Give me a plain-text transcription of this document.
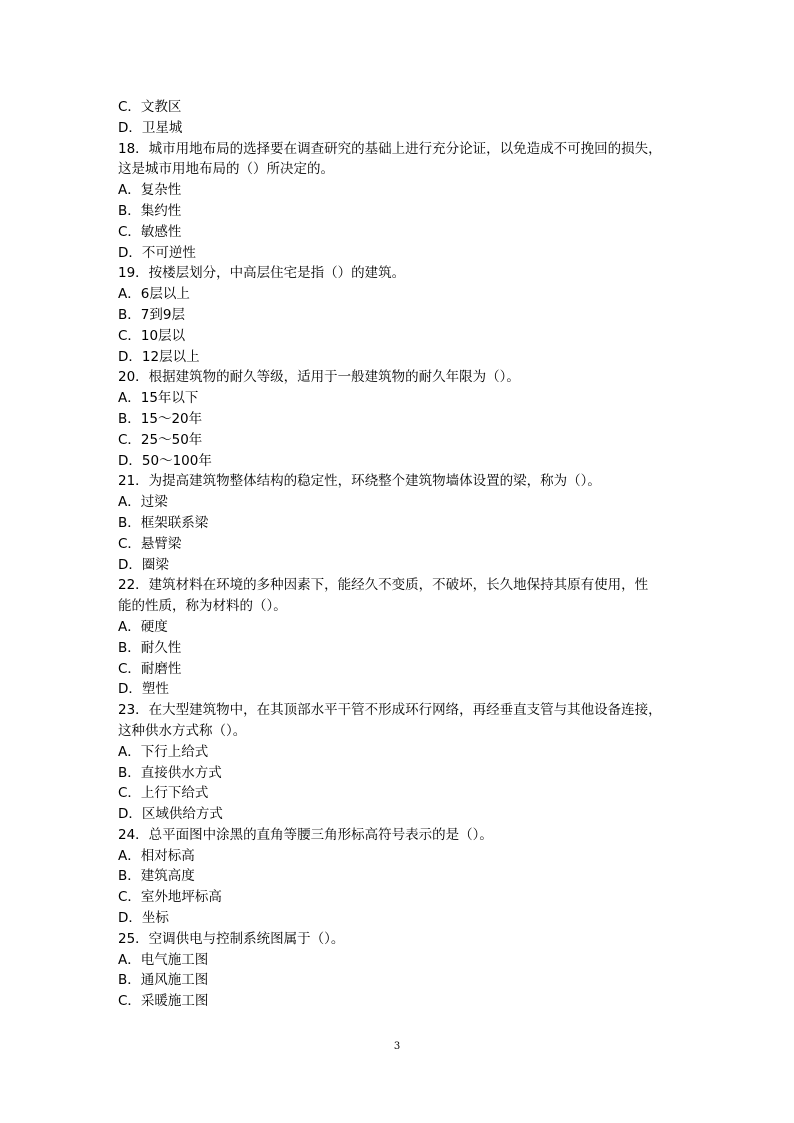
C．文教区
D．卫星城
18．城市用地布局的选择要在调查研究的基础上进行充分论证，以免造成不可挽回的损失，
这是城市用地布局的（）所决定的。
A．复杂性
B．集约性
C．敏感性
D．不可逆性
19．按楼层划分，中高层住宅是指（）的建筑。
A．6层以上
B．7到9层
C．10层以
D．12层以上
20．根据建筑物的耐久等级，适用于一般建筑物的耐久年限为（）。
A．15年以下
B．15～20年
C．25～50年
D．50～100年
21．为提高建筑物整体结构的稳定性，环绕整个建筑物墙体设置的梁，称为（）。
A．过梁
B．框架联系梁
C．悬臂梁
D．圈梁
22．建筑材料在环境的多种因素下，能经久不变质，不破坏，长久地保持其原有使用，性
能的性质，称为材料的（）。
A．硬度
B．耐久性
C．耐磨性
D．塑性
23．在大型建筑物中，在其顶部水平干管不形成环行网络，再经垂直支管与其他设备连接，
这种供水方式称（）。
A．下行上给式
B．直接供水方式
C．上行下给式
D．区域供给方式
24．总平面图中涂黑的直角等腰三角形标高符号表示的是（）。
A．相对标高
B．建筑高度
C．室外地坪标高
D．坐标
25．空调供电与控制系统图属于（）。
A．电气施工图
B．通风施工图
C．采暖施工图
3
